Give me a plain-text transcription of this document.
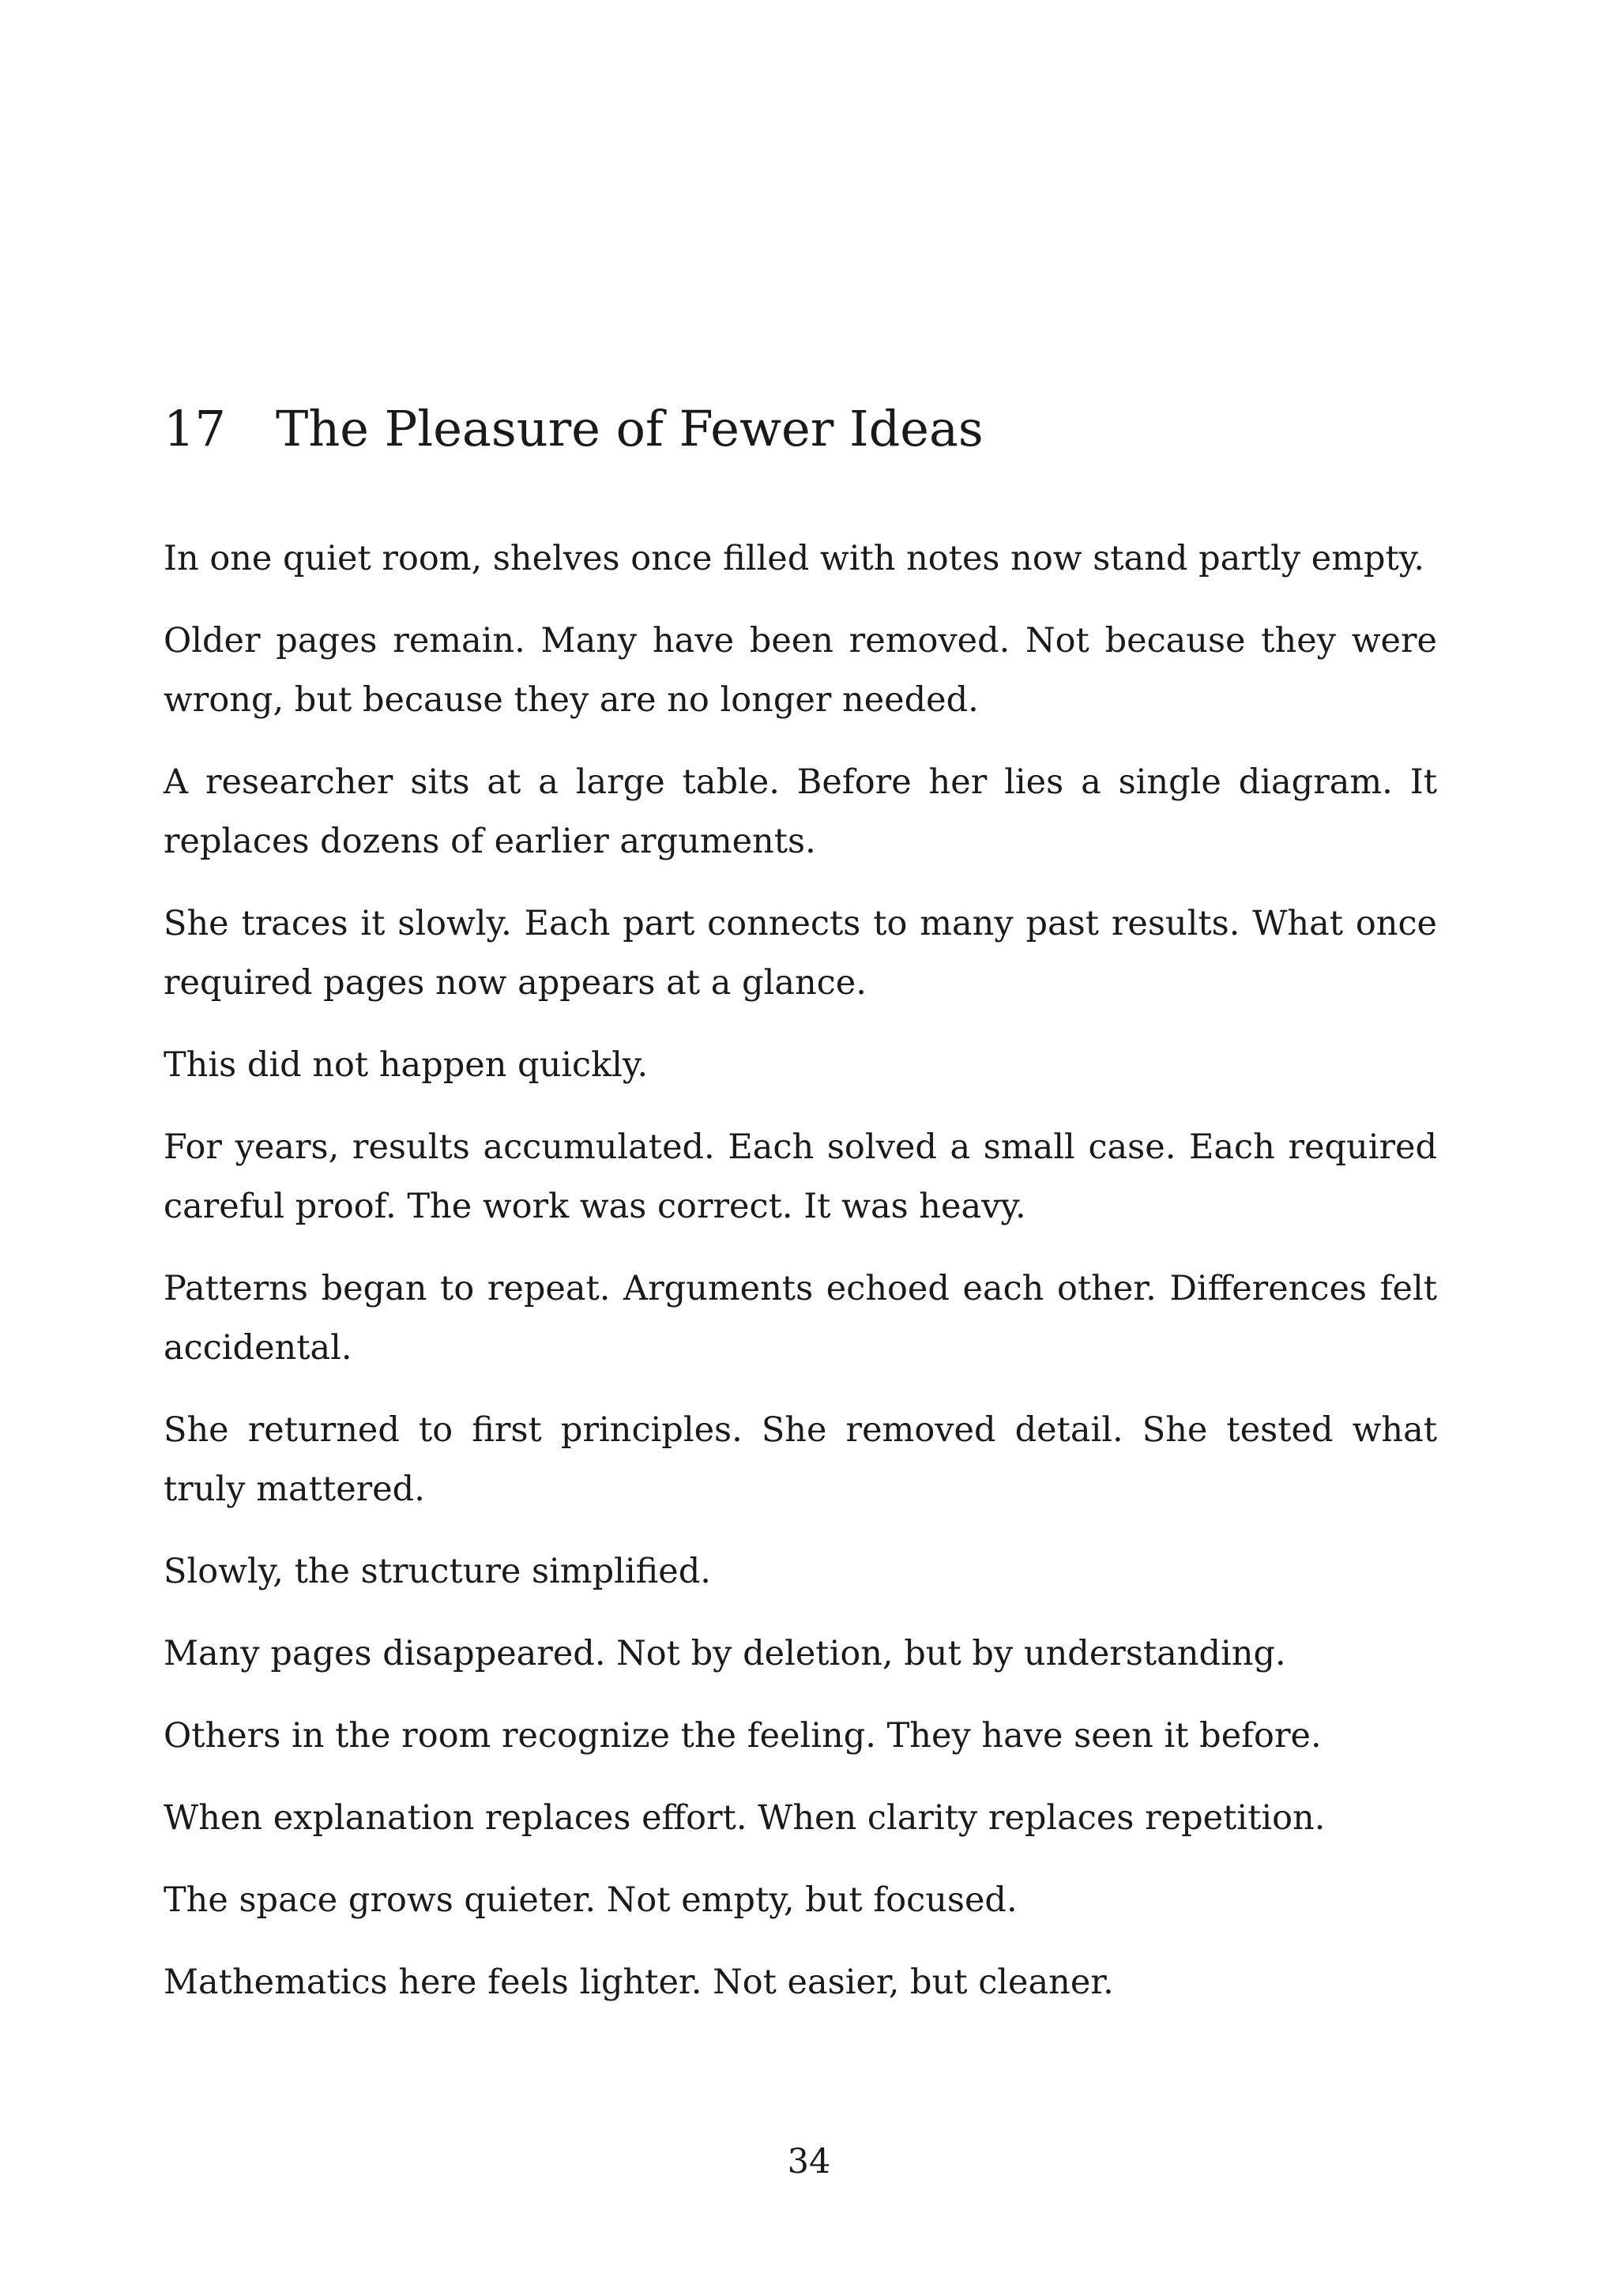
17 The Pleasure of Fewer Ideas

In one quiet room, shelves once filled with notes now stand partly empty.

Older pages remain. Many have been removed. Not because they were wrong, but because they are no longer needed.

A researcher sits at a large table. Before her lies a single diagram. It replaces dozens of earlier arguments.

She traces it slowly. Each part connects to many past results. What once required pages now appears at a glance.

This did not happen quickly.

For years, results accumulated. Each solved a small case. Each required careful proof. The work was correct. It was heavy.

Patterns began to repeat. Arguments echoed each other. Differences felt accidental.

She returned to first principles. She removed detail. She tested what truly mattered.

Slowly, the structure simplified.

Many pages disappeared. Not by deletion, but by understanding.

Others in the room recognize the feeling. They have seen it before.

When explanation replaces effort. When clarity replaces repetition.

The space grows quieter. Not empty, but focused.

Mathematics here feels lighter. Not easier, but cleaner.

34
